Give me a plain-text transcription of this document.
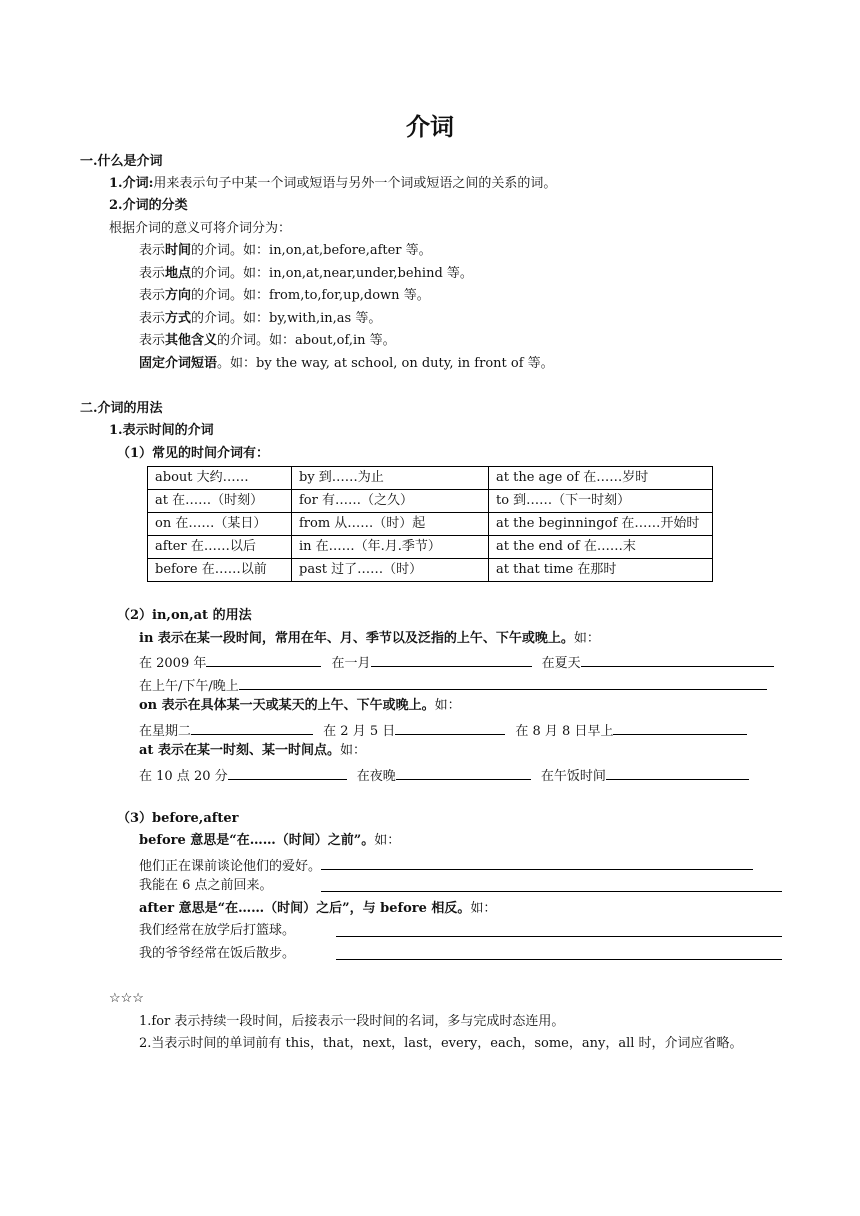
介词
一.什么是介词
1.介词:用来表示句子中某一个词或短语与另外一个词或短语之间的关系的词。
2.介词的分类
根据介词的意义可将介词分为：
表示时间的介词。如：in,on,at,before,after 等。
表示地点的介词。如：in,on,at,near,under,behind 等。
表示方向的介词。如：from,to,for,up,down 等。
表示方式的介词。如：by,with,in,as 等。
表示其他含义的介词。如：about,of,in 等。
固定介词短语。如：by the way, at school, on duty, in front of 等。
二.介词的用法
1.表示时间的介词
（1）常见的时间介词有：
about 大约……	by 到……为止	at the age of 在……岁时
at 在……（时刻）	for 有……（之久）	to 到……（下一时刻）
on 在……（某日）	from 从……（时）起	at the beginningof 在……开始时
after 在……以后	in 在……（年.月.季节）	at the end of 在……末
before 在……以前	past 过了……（时）	at that time 在那时
（2）in,on,at 的用法
in 表示在某一段时间，常用在年、月、季节以及泛指的上午、下午或晚上。如：
在 2009 年	在一月	在夏天
在上午/下午/晚上
on 表示在具体某一天或某天的上午、下午或晚上。如：
在星期二	在 2 月 5 日	在 8 月 8 日早上
at 表示在某一时刻、某一时间点。如：
在 10 点 20 分	在夜晚	在午饭时间
（3）before,after
before 意思是“在……（时间）之前”。如：
他们正在课前谈论他们的爱好。
我能在 6 点之前回来。
after 意思是“在……（时间）之后”，与 before 相反。如：
我们经常在放学后打篮球。
我的爷爷经常在饭后散步。
☆☆☆
1.for 表示持续一段时间，后接表示一段时间的名词，多与完成时态连用。
2.当表示时间的单词前有 this，that，next，last，every，each，some，any，all 时，介词应省略。
